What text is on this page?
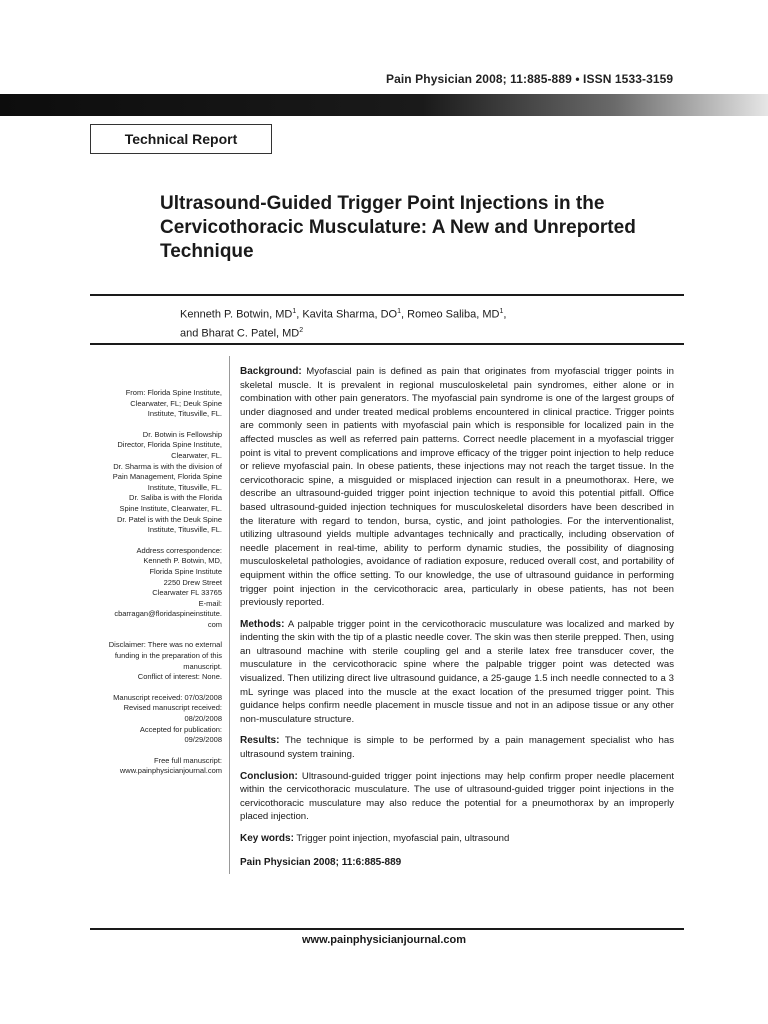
Pain Physician 2008; 11:885-889 • ISSN 1533-3159
Technical Report
Ultrasound-Guided Trigger Point Injections in the Cervicothoracic Musculature: A New and Unreported Technique
Kenneth P. Botwin, $MD^1$, Kavita Sharma, $DO^1$, Romeo Saliba, $MD^1$,
and Bharat C. Patel, $MD^2$

From: Florida Spine Institute,
Clearwater, FL; Deuk Spine
Institute, Titusville, FL.

Dr. Botwin is Fellowship
Director, Florida Spine Institute,
Clearwater, FL.
Dr. Sharma is with the division of
Pain Management, Florida Spine
Institute, Titusville, FL.
Dr. Saliba is with the Florida
Spine Institute, Clearwater, FL.
Dr. Patel is with the Deuk Spine
Institute, Titusville, FL.

Address correspondence:
Kenneth P. Botwin, MD,
Florida Spine Institute
2250 Drew Street
Clearwater FL 33765
E-mail:
cbarragan@floridaspineinstitute.
com

Disclaimer: There was no external
funding in the preparation of this
manuscript.
Conflict of interest: None.

Manuscript received: 07/03/2008
Revised manuscript received:
08/20/2008
Accepted for publication:
09/29/2008

Free full manuscript:
www.painphysicianjournal.com

Background: Myofascial pain is defined as pain that originates from myofascial trigger points in skeletal muscle. It is prevalent in regional musculoskeletal pain syndromes, either alone or in combination with other pain generators. The myofascial pain syndrome is one of the largest groups of under diagnosed and under treated medical problems encountered in clinical practice. Trigger points are commonly seen in patients with myofascial pain which is responsible for localized pain in the affected muscles as well as referred pain patterns. Correct needle placement in a myofascial trigger point is vital to prevent complications and improve efficacy of the trigger point injection to help reduce or relieve myofascial pain. In obese patients, these injections may not reach the target tissue. In the cervicothoracic spine, a misguided or misplaced injection can result in a pneumothorax. Here, we describe an ultrasound-guided trigger point injection technique to avoid this potential pitfall. Office based ultrasound-guided injection techniques for musculoskeletal disorders have been described in the literature with regard to tendon, bursa, cystic, and joint pathologies. For the interventionalist, utilizing ultrasound yields multiple advantages technically and practically, including observation of needle placement in real-time, ability to perform dynamic studies, the possibility of diagnosing musculoskeletal pathologies, avoidance of radiation exposure, reduced overall cost, and portability of equipment within the office setting. To our knowledge, the use of ultrasound guidance in performing trigger point injection in the cervicothoracic area, particularly in obese patients, has not been previously reported.

Methods: A palpable trigger point in the cervicothoracic musculature was localized and marked by indenting the skin with the tip of a plastic needle cover. The skin was then sterile prepped. Then, using an ultrasound machine with sterile coupling gel and a sterile latex free transducer cover, the musculature in the cervicothoracic spine where the palpable trigger point was detected was visualized. Then utilizing direct live ultrasound guidance, a 25-gauge 1.5 inch needle connected to a 3 mL syringe was placed into the muscle at the exact location of the presumed trigger point. This guidance helps confirm needle placement in muscle tissue and not in an adipose tissue or any other non-musculature structure.

Results: The technique is simple to be performed by a pain management specialist who has ultrasound system training.

Conclusion: Ultrasound-guided trigger point injections may help confirm proper needle placement within the cervicothoracic musculature. The use of ultrasound-guided trigger point injections in the cervicothoracic musculature may also reduce the potential for a pneumothorax by an improperly placed injection.

Key words: Trigger point injection, myofascial pain, ultrasound

Pain Physician 2008; 11:6:885-889

www.painphysicianjournal.com
